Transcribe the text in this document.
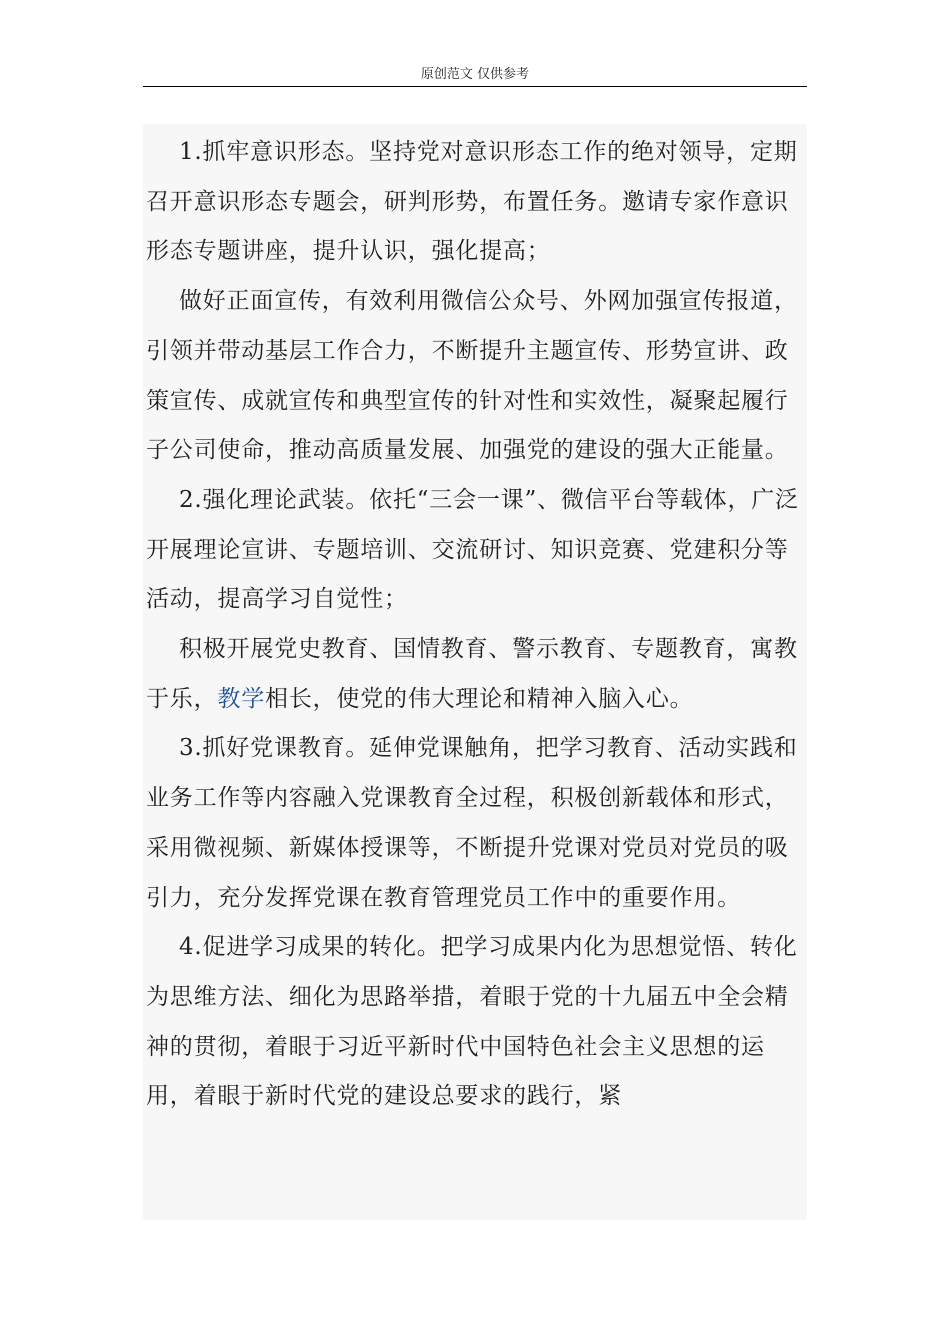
原创范文 仅供参考

1.抓牢意识形态。坚持党对意识形态工作的绝对领导，定期召开意识形态专题会，研判形势，布置任务。邀请专家作意识形态专题讲座，提升认识，强化提高；

做好正面宣传，有效利用微信公众号、外网加强宣传报道，引领并带动基层工作合力，不断提升主题宣传、形势宣讲、政策宣传、成就宣传和典型宣传的针对性和实效性，凝聚起履行子公司使命，推动高质量发展、加强党的建设的强大正能量。

2.强化理论武装。依托“三会一课”、微信平台等载体，广泛开展理论宣讲、专题培训、交流研讨、知识竞赛、党建积分等活动，提高学习自觉性；

积极开展党史教育、国情教育、警示教育、专题教育，寓教于乐，教学相长，使党的伟大理论和精神入脑入心。

3.抓好党课教育。延伸党课触角，把学习教育、活动实践和业务工作等内容融入党课教育全过程，积极创新载体和形式，采用微视频、新媒体授课等，不断提升党课对党员对党员的吸引力，充分发挥党课在教育管理党员工作中的重要作用。

4.促进学习成果的转化。把学习成果内化为思想觉悟、转化为思维方法、细化为思路举措，着眼于党的十九届五中全会精神的贯彻，着眼于习近平新时代中国特色社会主义思想的运用，着眼于新时代党的建设总要求的践行，紧
